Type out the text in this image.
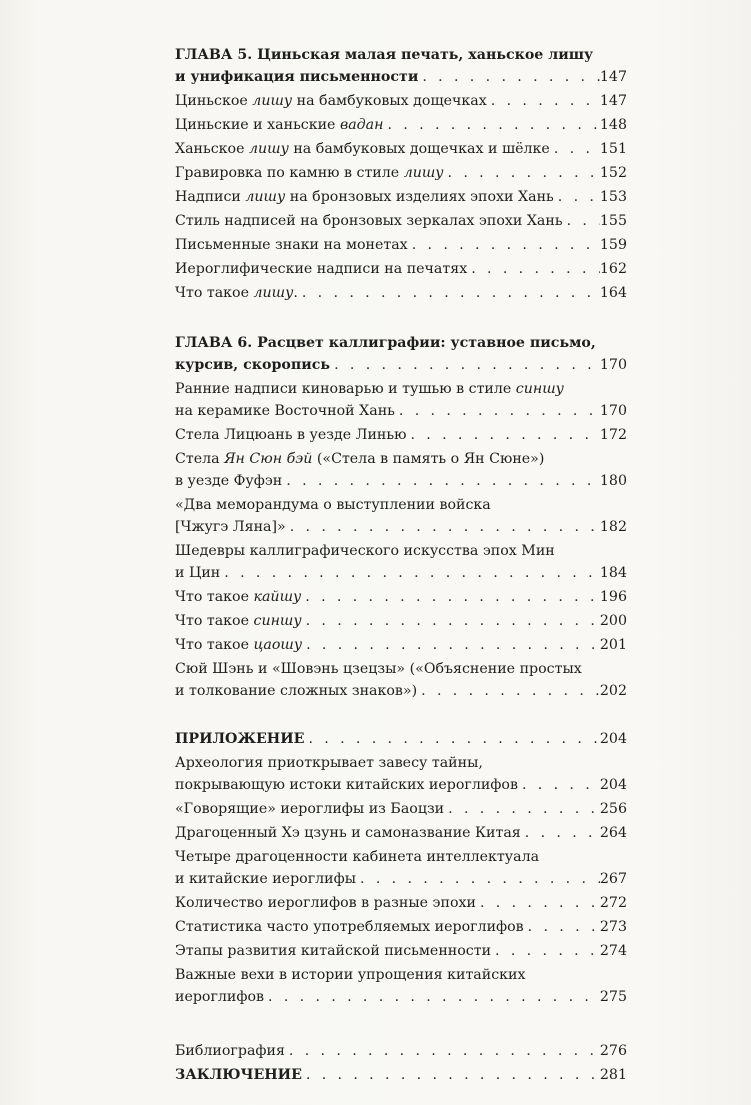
ГЛАВА 5. Циньская малая печать, ханьское лишу
и унификация письменности . . .	147
Циньское лишу на бамбуковых дощечках . . .	147
Циньские и ханьские вадан . . .	148
Ханьское лишу на бамбуковых дощечках и шёлке . . .	151
Гравировка по камню в стиле лишу . . .	152
Надписи лишу на бронзовых изделиях эпохи Хань . . .	153
Стиль надписей на бронзовых зеркалах эпохи Хань . . .	155
Письменные знаки на монетах . . .	159
Иероглифические надписи на печатях . . .	162
Что такое лишу. . . .	164
ГЛАВА 6. Расцвет каллиграфии: уставное письмо,
курсив, скоропись . . .	170
Ранние надписи киноварью и тушью в стиле синшу
на керамике Восточной Хань . . .	170
Стела Лицюань в уезде Линью . . .	172
Стела Ян Сюн бэй («Стела в память о Ян Сюне»)
в уезде Фуфэн . . .	180
«Два меморандума о выступлении войска
[Чжугэ Ляна]» . . .	182
Шедевры каллиграфического искусства эпох Мин
и Цин . . .	184
Что такое кайшу . . .	196
Что такое синшу . . .	200
Что такое цаошу . . .	201
Сюй Шэнь и «Шовэнь цзецзы» («Объяснение простых
и толкование сложных знаков») . . .	202
ПРИЛОЖЕНИЕ . . .	204
Археология приоткрывает завесу тайны,
покрывающую истоки китайских иероглифов . . .	204
«Говорящие» иероглифы из Баоцзи . . .	256
Драгоценный Хэ цзунь и самоназвание Китая . . .	264
Четыре драгоценности кабинета интеллектуала
и китайские иероглифы . . .	267
Количество иероглифов в разные эпохи . . .	272
Статистика часто употребляемых иероглифов . . .	273
Этапы развития китайской письменности . . .	274
Важные вехи в истории упрощения китайских
иероглифов . . .	275
Библиография . . .	276
ЗАКЛЮЧЕНИЕ . . .	281
